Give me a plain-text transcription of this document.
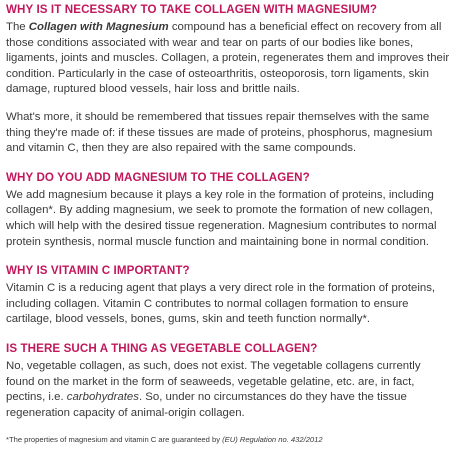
WHY IS IT NECESSARY TO TAKE COLLAGEN WITH MAGNESIUM?

The Collagen with Magnesium compound has a beneficial effect on recovery from all those conditions associated with wear and tear on parts of our bodies like bones, ligaments, joints and muscles. Collagen, a protein, regenerates them and improves their condition. Particularly in the case of osteoarthritis, osteoporosis, torn ligaments, skin damage, ruptured blood vessels, hair loss and brittle nails.

What's more, it should be remembered that tissues repair themselves with the same thing they're made of: if these tissues are made of proteins, phosphorus, magnesium and vitamin C, then they are also repaired with the same compounds.

WHY DO YOU ADD MAGNESIUM TO THE COLLAGEN?

We add magnesium because it plays a key role in the formation of proteins, including collagen*. By adding magnesium, we seek to promote the formation of new collagen, which will help with the desired tissue regeneration. Magnesium contributes to normal protein synthesis, normal muscle function and maintaining bone in normal condition.

WHY IS VITAMIN C IMPORTANT?

Vitamin C is a reducing agent that plays a very direct role in the formation of proteins, including collagen. Vitamin C contributes to normal collagen formation to ensure cartilage, blood vessels, bones, gums, skin and teeth function normally*.

IS THERE SUCH A THING AS VEGETABLE COLLAGEN?

No, vegetable collagen, as such, does not exist. The vegetable collagens currently found on the market in the form of seaweeds, vegetable gelatine, etc. are, in fact, pectins, i.e. carbohydrates. So, under no circumstances do they have the tissue regeneration capacity of animal-origin collagen.

*The properties of magnesium and vitamin C are guaranteed by (EU) Regulation no. 432/2012
